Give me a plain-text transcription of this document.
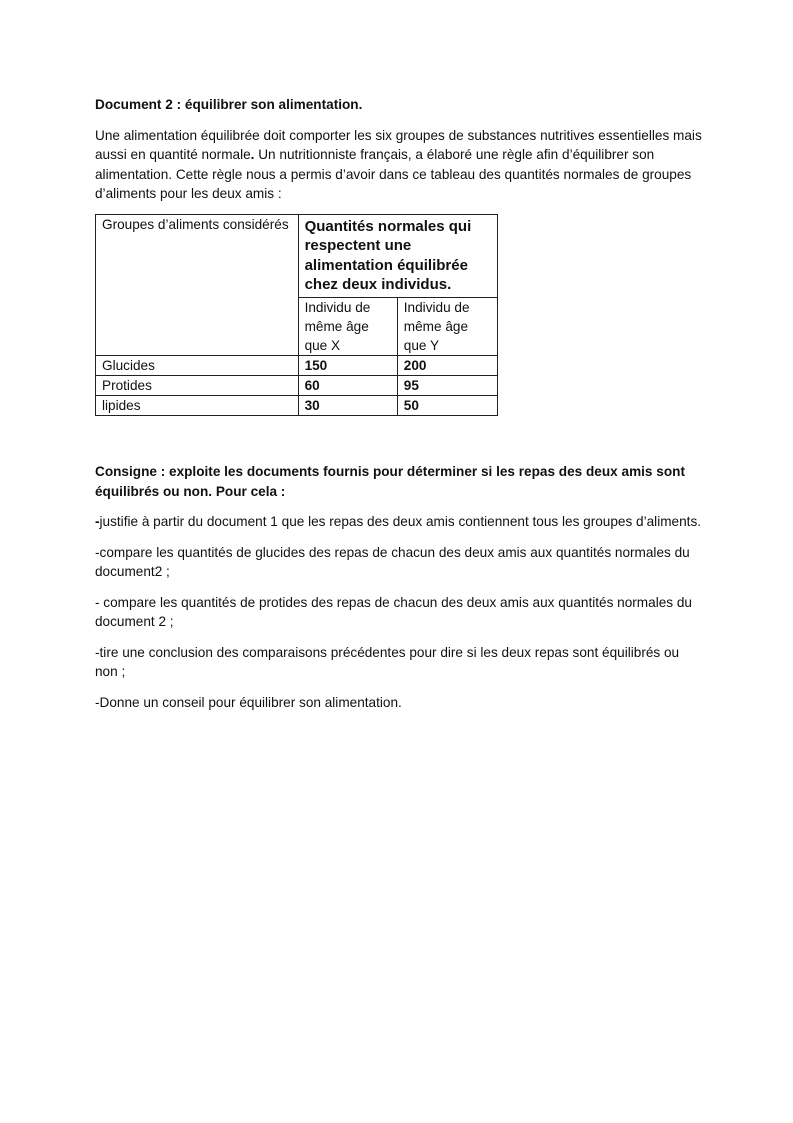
Document 2 : équilibrer son alimentation.

Une alimentation équilibrée doit comporter les six groupes de substances nutritives essentielles mais aussi en quantité normale. Un nutritionniste français, a élaboré une règle afin d’équilibrer son alimentation. Cette règle nous a permis d’avoir dans ce tableau des quantités normales de groupes d’aliments pour les deux amis :

Groupes d’aliments considérés	Quantités normales qui respectent une alimentation équilibrée chez deux individus.	
	Individu de même âge que X	Individu de même âge que Y
Glucides	150	200
Protides	60	95
lipides	30	50

Consigne : exploite les documents fournis pour déterminer si les repas des deux amis sont équilibrés ou non. Pour cela :

-justifie à partir du document 1 que les repas des deux amis contiennent tous les groupes d’aliments.

-compare les quantités de glucides des repas de chacun des deux amis aux quantités normales du document2 ;

- compare les quantités de protides des repas de chacun des deux amis aux quantités normales du document 2 ;

-tire une conclusion des comparaisons précédentes pour dire si les deux repas sont équilibrés ou non ;

-Donne un conseil pour équilibrer son alimentation.
